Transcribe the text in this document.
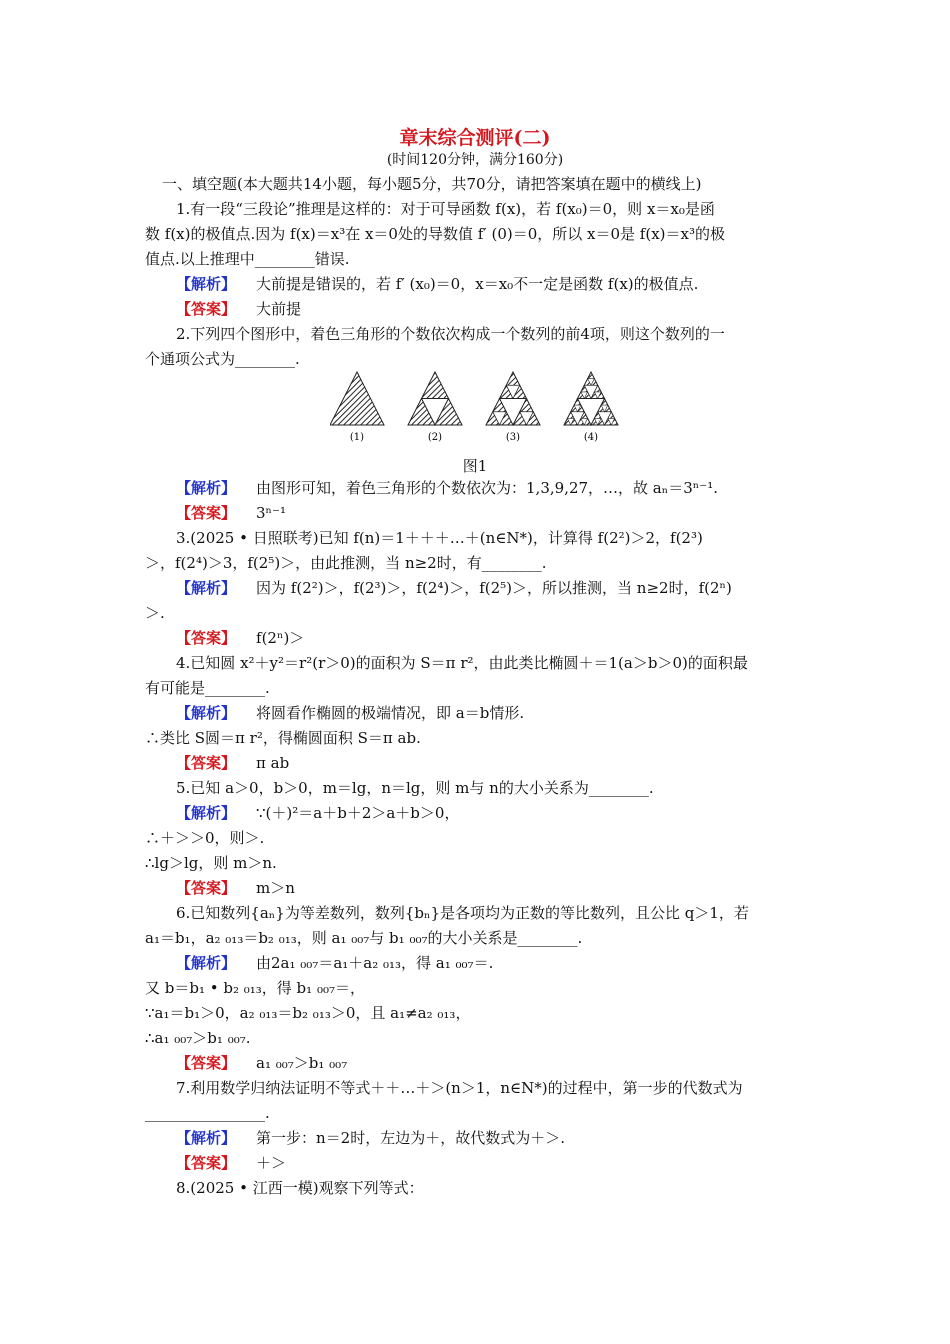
章末综合测评(二)
(时间120分钟，满分160分)
一、填空题(本大题共14小题，每小题5分，共70分，请把答案填在题中的横线上)
1.有一段“三段论”推理是这样的：对于可导函数 f(x)，若 f(x₀)＝0，则 x＝x₀是函
数 f(x)的极值点.因为 f(x)＝x³在 x＝0处的导数值 f′ (0)＝0，所以 x＝0是 f(x)＝x³的极
值点.以上推理中________错误.
【解析】 大前提是错误的，若 f′ (x₀)＝0，x＝x₀不一定是函数 f(x)的极值点.
【答案】 大前提
2.下列四个图形中，着色三角形的个数依次构成一个数列的前4项，则这个数列的一
个通项公式为________.
(1)	(2)	(3)	(4)
图1
【解析】 由图形可知，着色三角形的个数依次为：1,3,9,27，…，故 aₙ＝3ⁿ⁻¹.
【答案】 3ⁿ⁻¹
3.(2025 • 日照联考)已知 f(n)＝1＋＋＋…＋(n∈N*)，计算得 f(2²)＞2，f(2³)
＞，f(2⁴)＞3，f(2⁵)＞，由此推测，当 n≥2时，有________.
【解析】 因为 f(2²)＞，f(2³)＞，f(2⁴)＞，f(2⁵)＞，所以推测，当 n≥2时，f(2ⁿ)
＞.
【答案】 f(2ⁿ)＞
4.已知圆 x²＋y²＝r²(r＞0)的面积为 S＝π r²，由此类比椭圆＋＝1(a＞b＞0)的面积最
有可能是________.
【解析】 将圆看作椭圆的极端情况，即 a＝b情形.
∴类比 S圆＝π r²，得椭圆面积 S＝π ab.
【答案】 π ab
5.已知 a＞0，b＞0，m＝lg，n＝lg，则 m与 n的大小关系为________.
【解析】 ∵(＋)²＝a＋b＋2＞a＋b＞0，
∴＋＞＞0，则＞.
∴lg＞lg，则 m＞n.
【答案】 m＞n
6.已知数列{aₙ}为等差数列，数列{bₙ}是各项均为正数的等比数列，且公比 q＞1，若
a₁＝b₁，a₂ ₀₁₃＝b₂ ₀₁₃，则 a₁ ₀₀₇与 b₁ ₀₀₇的大小关系是________.
【解析】 由2a₁ ₀₀₇＝a₁＋a₂ ₀₁₃，得 a₁ ₀₀₇＝.
又 b＝b₁ • b₂ ₀₁₃，得 b₁ ₀₀₇＝，
∵a₁＝b₁＞0，a₂ ₀₁₃＝b₂ ₀₁₃＞0，且 a₁≠a₂ ₀₁₃，
∴a₁ ₀₀₇＞b₁ ₀₀₇.
【答案】 a₁ ₀₀₇＞b₁ ₀₀₇
7.利用数学归纳法证明不等式＋＋…＋＞(n＞1，n∈N*)的过程中，第一步的代数式为
________________.
【解析】 第一步：n＝2时，左边为＋，故代数式为＋＞.
【答案】 ＋＞
8.(2025 • 江西一模)观察下列等式：
